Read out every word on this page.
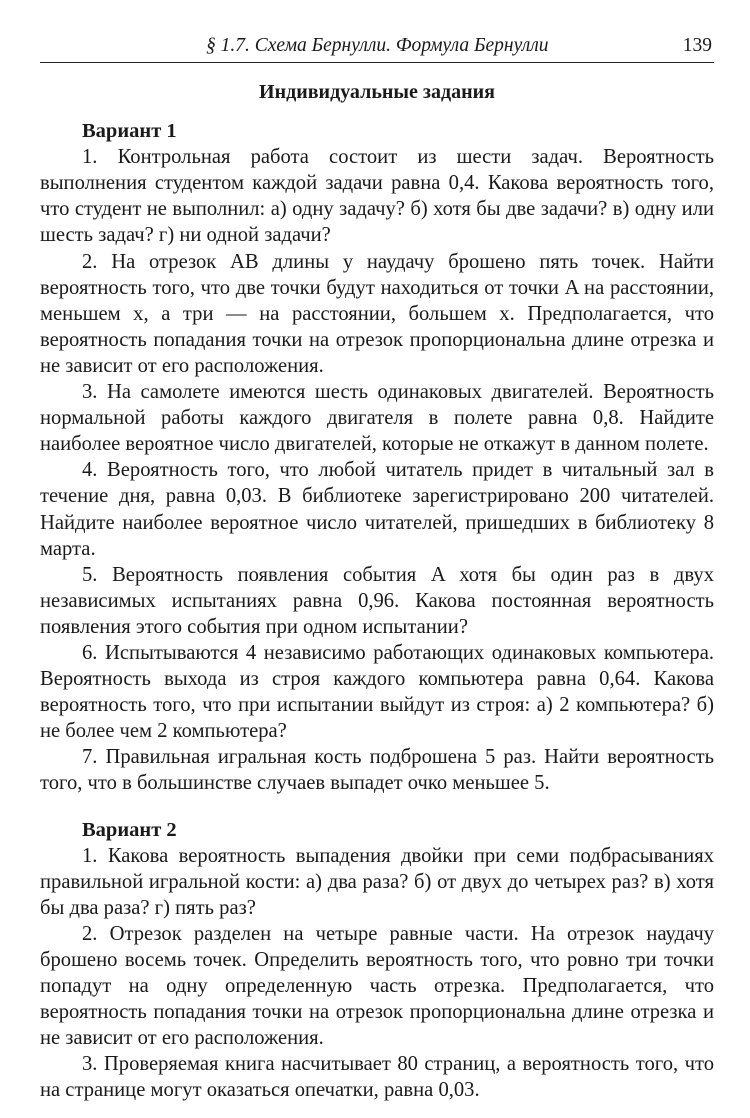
§ 1.7. Схема Бернулли. Формула Бернулли	139
Индивидуальные задания
Вариант 1

1. Контрольная работа состоит из шести задач. Вероятность выполнения студентом каждой задачи равна 0,4. Какова вероятность того, что студент не выполнил: а) одну задачу? б) хотя бы две задачи? в) одну или шесть задач? г) ни одной задачи?

2. На отрезок AB длины y наудачу брошено пять точек. Найти вероятность того, что две точки будут находиться от точки A на расстоянии, меньшем x, а три — на расстоянии, большем x. Предполагается, что вероятность попадания точки на отрезок пропорциональна длине отрезка и не зависит от его расположения.

3. На самолете имеются шесть одинаковых двигателей. Вероятность нормальной работы каждого двигателя в полете равна 0,8. Найдите наиболее вероятное число двигателей, которые не откажут в данном полете.

4. Вероятность того, что любой читатель придет в читальный зал в течение дня, равна 0,03. В библиотеке зарегистрировано 200 читателей. Найдите наиболее вероятное число читателей, пришедших в библиотеку 8 марта.

5. Вероятность появления события A хотя бы один раз в двух независимых испытаниях равна 0,96. Какова постоянная вероятность появления этого события при одном испытании?

6. Испытываются 4 независимо работающих одинаковых компьютера. Вероятность выхода из строя каждого компьютера равна 0,64. Какова вероятность того, что при испытании выйдут из строя: а) 2 компьютера? б) не более чем 2 компьютера?

7. Правильная игральная кость подброшена 5 раз. Найти вероятность того, что в большинстве случаев выпадет очко меньшее 5.

Вариант 2

1. Какова вероятность выпадения двойки при семи подбрасываниях правильной игральной кости: а) два раза? б) от двух до четырех раз? в) хотя бы два раза? г) пять раз?

2. Отрезок разделен на четыре равные части. На отрезок наудачу брошено восемь точек. Определить вероятность того, что ровно три точки попадут на одну определенную часть отрезка. Предполагается, что вероятность попадания точки на отрезок пропорциональна длине отрезка и не зависит от его расположения.

3. Проверяемая книга насчитывает 80 страниц, а вероятность того, что на странице могут оказаться опечатки, равна 0,03.
